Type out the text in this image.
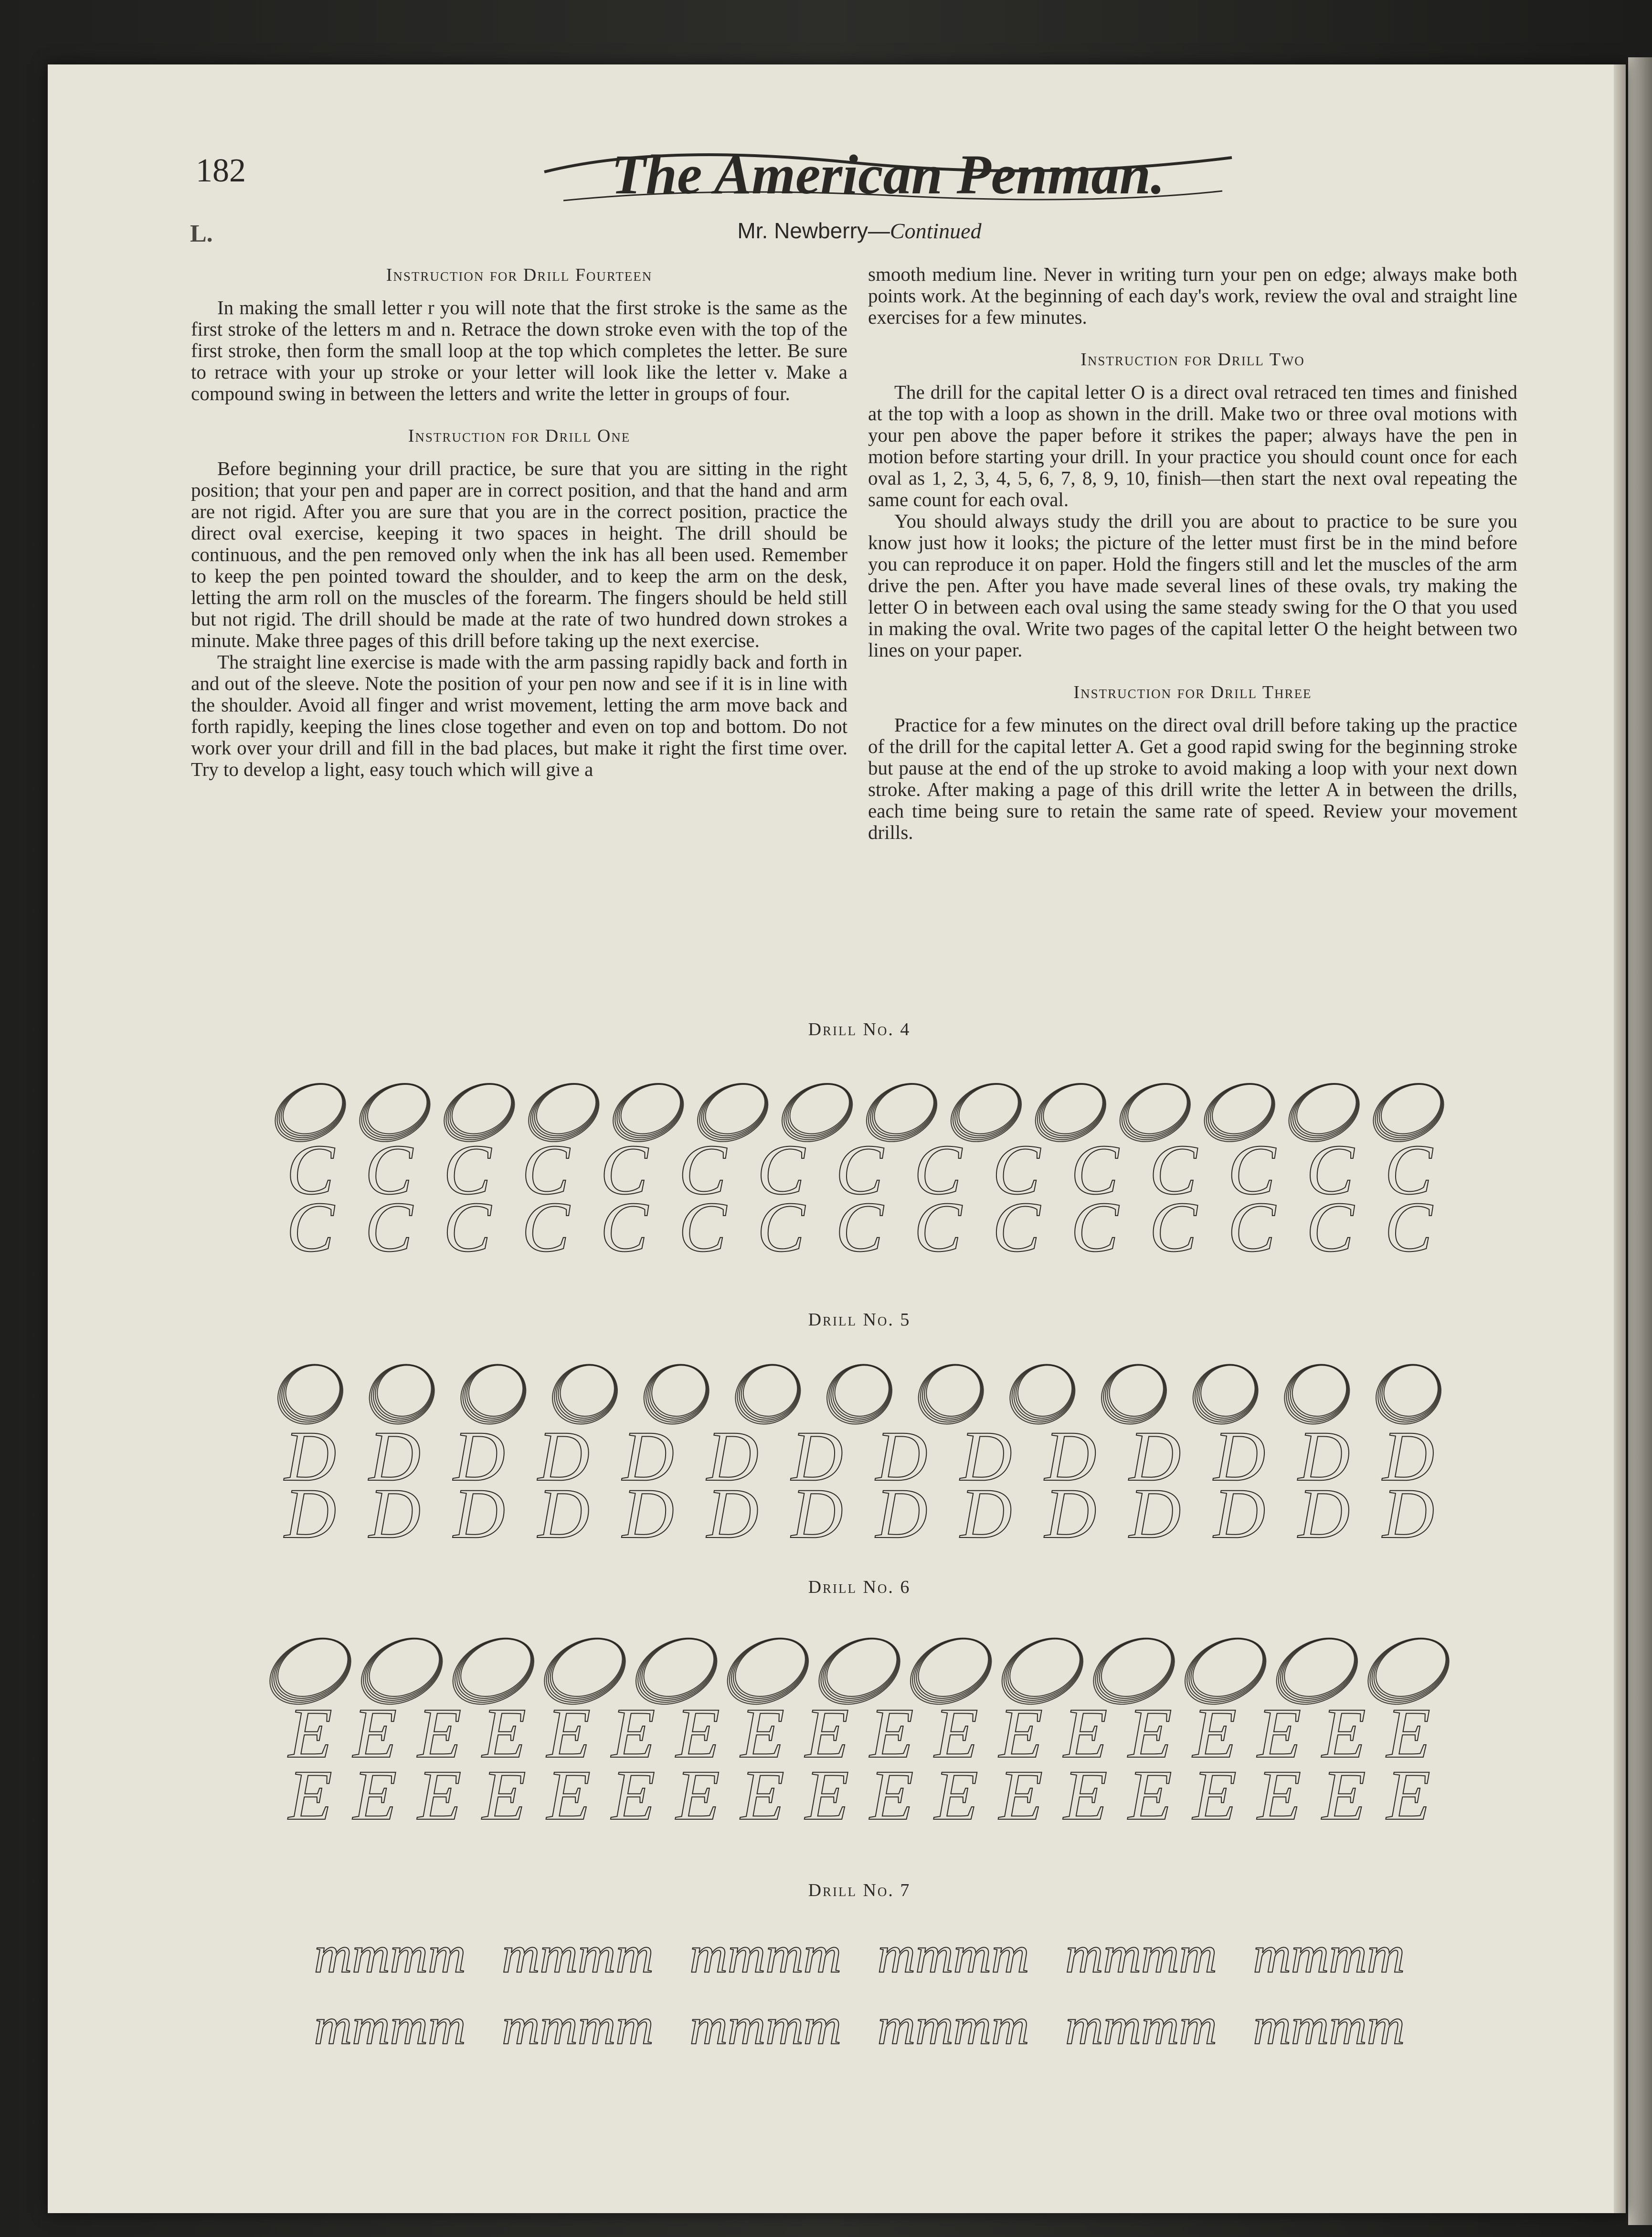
182	The American Penman.
L.	Mr. Newberry—Continued
Instruction for Drill Fourteen

In making the small letter r you will note that the first stroke is the same as the first stroke of the letters m and n. Retrace the down stroke even with the top of the first stroke, then form the small loop at the top which completes the letter. Be sure to retrace with your up stroke or your letter will look like the letter v. Make a compound swing in between the letters and write the letter in groups of four.

Instruction for Drill One

Before beginning your drill practice, be sure that you are sitting in the right position; that your pen and paper are in correct position, and that the hand and arm are not rigid. After you are sure that you are in the correct position, practice the direct oval exercise, keeping it two spaces in height. The drill should be continuous, and the pen removed only when the ink has all been used. Remember to keep the pen pointed toward the shoulder, and to keep the arm on the desk, letting the arm roll on the muscles of the forearm. The fingers should be held still but not rigid. The drill should be made at the rate of two hundred down strokes a minute. Make three pages of this drill before taking up the next exercise.

The straight line exercise is made with the arm passing rapidly back and forth in and out of the sleeve. Note the position of your pen now and see if it is in line with the shoulder. Avoid all finger and wrist movement, letting the arm move back and forth rapidly, keeping the lines close together and even on top and bottom. Do not work over your drill and fill in the bad places, but make it right the first time over. Try to develop a light, easy touch which will give a

smooth medium line. Never in writing turn your pen on edge; always make both points work. At the beginning of each day's work, review the oval and straight line exercises for a few minutes.

Instruction for Drill Two

The drill for the capital letter O is a direct oval retraced ten times and finished at the top with a loop as shown in the drill. Make two or three oval motions with your pen above the paper before it strikes the paper; always have the pen in motion before starting your drill. In your practice you should count once for each oval as 1, 2, 3, 4, 5, 6, 7, 8, 9, 10, finish—then start the next oval repeating the same count for each oval.

You should always study the drill you are about to practice to be sure you know just how it looks; the picture of the letter must first be in the mind before you can reproduce it on paper. Hold the fingers still and let the muscles of the arm drive the pen. After you have made several lines of these ovals, try making the letter O in between each oval using the same steady swing for the O that you used in making the oval. Write two pages of the capital letter O the height between two lines on your paper.

Instruction for Drill Three

Practice for a few minutes on the direct oval drill before taking up the practice of the drill for the capital letter A. Get a good rapid swing for the beginning stroke but pause at the end of the up stroke to avoid making a loop with your next down stroke. After making a page of this drill write the letter A in between the drills, each time being sure to retain the same rate of speed. Review your movement drills.

Drill No. 4
C C C C C C C C C C C C C C C
C C C C C C C C C C C C C C C
Drill No. 5
D D D D D D D D D D D D D D
D D D D D D D D D D D D D D
Drill No. 6
E E E E E E E E E E E E E E E E E E
E E E E E E E E E E E E E E E E E E
Drill No. 7
mmmm mmmm mmmm mmmm mmmm mmmm
mmmm mmmm mmmm mmmm mmmm mmmm
